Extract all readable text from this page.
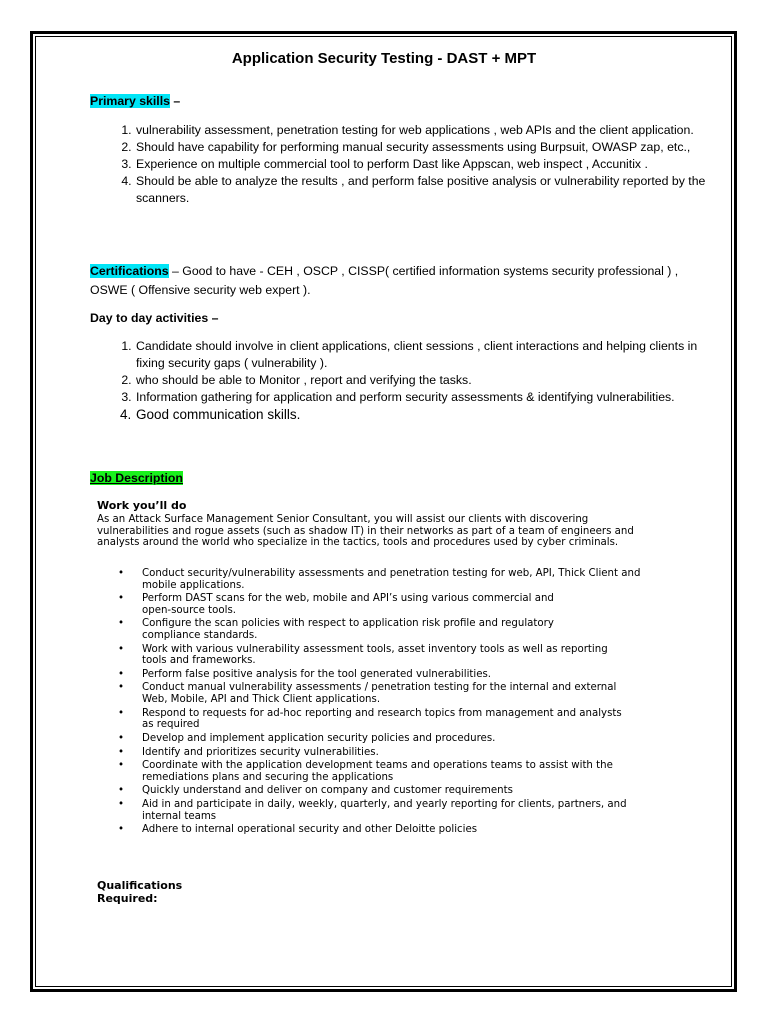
Application Security Testing - DAST + MPT
Primary skills –
1. vulnerability assessment, penetration testing for web applications , web APIs and the client application.
2. Should have capability for performing manual security assessments using Burpsuit, OWASP zap, etc.,
3. Experience on multiple commercial tool to perform Dast like Appscan, web inspect , Accunitix .
4. Should be able to analyze the results , and perform false positive analysis or vulnerability reported by the scanners.
Certifications – Good to have - CEH , OSCP , CISSP( certified information systems security professional ) , OSWE ( Offensive security web expert ).
Day to day activities –
1. Candidate should involve in client applications, client sessions , client interactions and helping clients in fixing security gaps ( vulnerability ).
2. who should be able to Monitor , report and verifying the tasks.
3. Information gathering for application and perform security assessments & identifying vulnerabilities.
4. Good communication skills.
Job Description
Work you’ll do
As an Attack Surface Management Senior Consultant, you will assist our clients with discovering vulnerabilities and rogue assets (such as shadow IT) in their networks as part of a team of engineers and analysts around the world who specialize in the tactics, tools and procedures used by cyber criminals.
• Conduct security/vulnerability assessments and penetration testing for web, API, Thick Client and mobile applications.
• Perform DAST scans for the web, mobile and API’s using various commercial and open-source tools.
• Configure the scan policies with respect to application risk profile and regulatory compliance standards.
• Work with various vulnerability assessment tools, asset inventory tools as well as reporting tools and frameworks.
• Perform false positive analysis for the tool generated vulnerabilities.
• Conduct manual vulnerability assessments / penetration testing for the internal and external Web, Mobile, API and Thick Client applications.
• Respond to requests for ad-hoc reporting and research topics from management and analysts as required
• Develop and implement application security policies and procedures.
• Identify and prioritizes security vulnerabilities.
• Coordinate with the application development teams and operations teams to assist with the remediations plans and securing the applications
• Quickly understand and deliver on company and customer requirements
• Aid in and participate in daily, weekly, quarterly, and yearly reporting for clients, partners, and internal teams
• Adhere to internal operational security and other Deloitte policies
Qualifications
Required:
